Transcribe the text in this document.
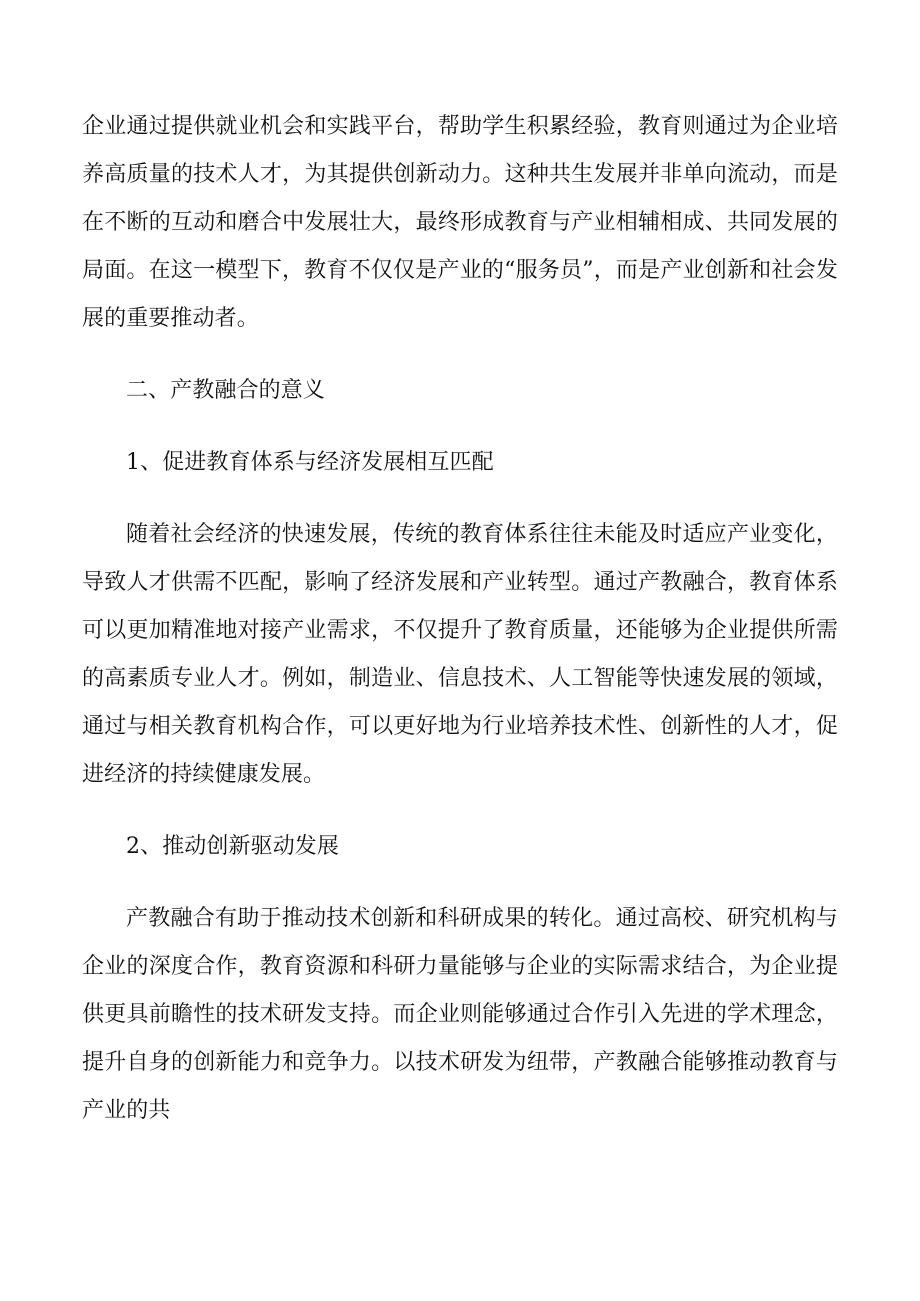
企业通过提供就业机会和实践平台，帮助学生积累经验，教育则通过为企业培养高质量的技术人才，为其提供创新动力。这种共生发展并非单向流动，而是在不断的互动和磨合中发展壮大，最终形成教育与产业相辅相成、共同发展的局面。在这一模型下，教育不仅仅是产业的“服务员”，而是产业创新和社会发展的重要推动者。

二、产教融合的意义

1、促进教育体系与经济发展相互匹配

随着社会经济的快速发展，传统的教育体系往往未能及时适应产业变化，导致人才供需不匹配，影响了经济发展和产业转型。通过产教融合，教育体系可以更加精准地对接产业需求，不仅提升了教育质量，还能够为企业提供所需的高素质专业人才。例如，制造业、信息技术、人工智能等快速发展的领域，通过与相关教育机构合作，可以更好地为行业培养技术性、创新性的人才，促进经济的持续健康发展。

2、推动创新驱动发展

产教融合有助于推动技术创新和科研成果的转化。通过高校、研究机构与企业的深度合作，教育资源和科研力量能够与企业的实际需求结合，为企业提供更具前瞻性的技术研发支持。而企业则能够通过合作引入先进的学术理念，提升自身的创新能力和竞争力。以技术研发为纽带，产教融合能够推动教育与产业的共
